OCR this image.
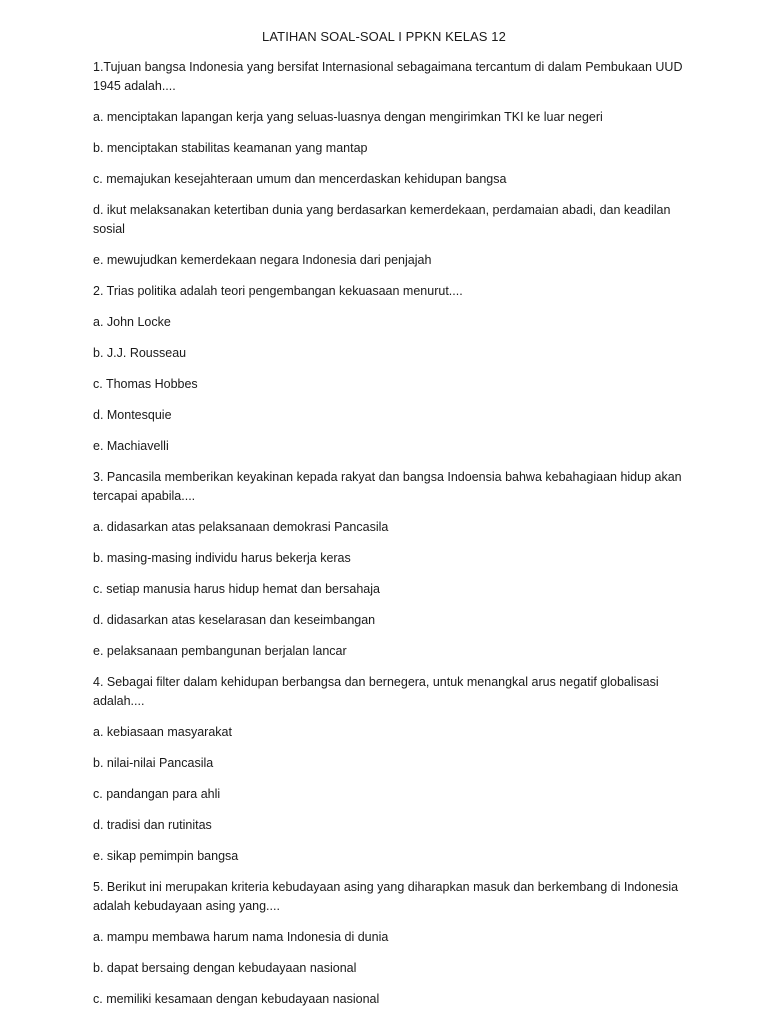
LATIHAN SOAL-SOAL I PPKN KELAS 12
1.Tujuan bangsa Indonesia yang bersifat Internasional sebagaimana tercantum di dalam Pembukaan UUD 1945 adalah....
a. menciptakan lapangan kerja yang seluas-luasnya dengan mengirimkan TKI ke luar negeri
b. menciptakan stabilitas keamanan yang mantap
c. memajukan kesejahteraan umum dan mencerdaskan kehidupan bangsa
d. ikut melaksanakan ketertiban dunia yang berdasarkan kemerdekaan, perdamaian abadi, dan keadilan sosial
e. mewujudkan kemerdekaan negara Indonesia dari penjajah
2. Trias politika adalah teori pengembangan kekuasaan menurut....
a. John Locke
b. J.J. Rousseau
c. Thomas Hobbes
d. Montesquie
e. Machiavelli
3. Pancasila memberikan keyakinan kepada rakyat dan bangsa Indoensia bahwa kebahagiaan hidup akan tercapai apabila....
a. didasarkan atas pelaksanaan demokrasi Pancasila
b. masing-masing individu harus bekerja keras
c. setiap manusia harus hidup hemat dan bersahaja
d. didasarkan atas keselarasan dan keseimbangan
e. pelaksanaan pembangunan berjalan lancar
4. Sebagai filter dalam kehidupan berbangsa dan bernegera, untuk menangkal arus negatif globalisasi adalah....
a. kebiasaan masyarakat
b. nilai-nilai Pancasila
c. pandangan para ahli
d. tradisi dan rutinitas
e. sikap pemimpin bangsa
5. Berikut ini merupakan kriteria kebudayaan asing yang diharapkan masuk dan berkembang di Indonesia adalah kebudayaan asing yang....
a. mampu membawa harum nama Indonesia di dunia
b. dapat bersaing dengan kebudayaan nasional
c. memiliki kesamaan dengan kebudayaan nasional
